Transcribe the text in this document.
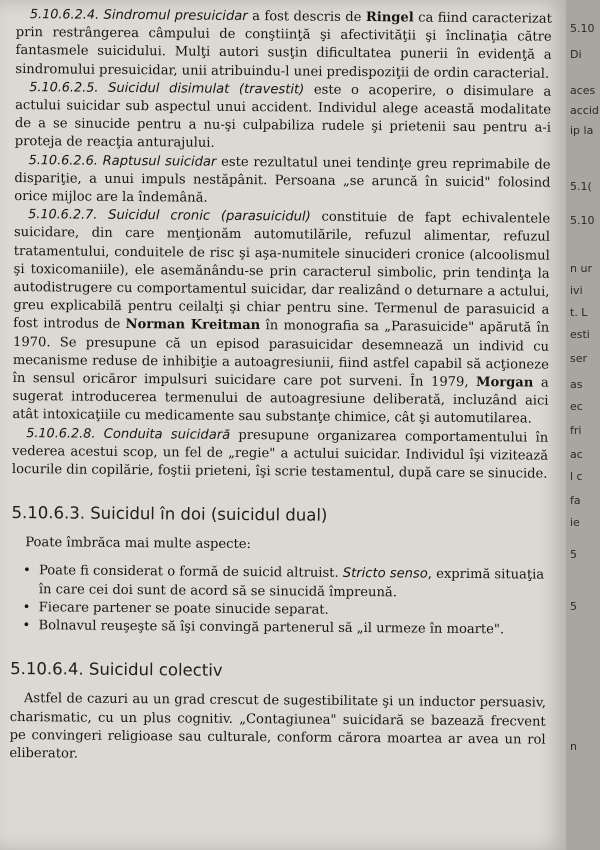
5.10.6.2.4. Sindromul presuicidar a fost descris de Ringel ca fiind caracterizat prin restrângerea câmpului de conştiinţă şi afectivităţii şi înclinaţia către fantasmele suicidului. Mulţi autori susţin dificultatea punerii în evidenţă a sindromului presuicidar, unii atribuindu-l unei predispoziţii de ordin caracterial.

5.10.6.2.5. Suicidul disimulat (travestit) este o acoperire, o disimulare a actului suicidar sub aspectul unui accident. Individul alege această modalitate de a se sinucide pentru a nu-şi culpabiliza rudele şi prietenii sau pentru a-i proteja de reacţia anturajului.

5.10.6.2.6. Raptusul suicidar este rezultatul unei tendinţe greu reprimabile de dispariţie, a unui impuls nestăpânit. Persoana „se aruncă în suicid" folosind orice mijloc are la îndemână.

5.10.6.2.7. Suicidul cronic (parasuicidul) constituie de fapt echivalentele suicidare, din care menţionăm automutilările, refuzul alimentar, refuzul tratamentului, conduitele de risc şi aşa-numitele sinucideri cronice (alcoolismul şi toxicomaniile), ele asemănându-se prin caracterul simbolic, prin tendinţa la autodistrugere cu comportamentul suicidar, dar realizând o deturnare a actului, greu explicabilă pentru ceilalţi şi chiar pentru sine. Termenul de parasuicid a fost introdus de Norman Kreitman în monografia sa „Parasuicide" apărută în 1970. Se presupune că un episod parasuicidar desemnează un individ cu mecanisme reduse de inhibiţie a autoagresiunii, fiind astfel capabil să acţioneze în sensul oricăror impulsuri suicidare care pot surveni. În 1979, Morgan a sugerat introducerea termenului de autoagresiune deliberată, incluzând aici atât intoxicaţiile cu medicamente sau substanţe chimice, cât şi automutilarea.

5.10.6.2.8. Conduita suicidară presupune organizarea comportamentului în vederea acestui scop, un fel de „regie" a actului suicidar. Individul îşi vizitează locurile din copilărie, foştii prieteni, îşi scrie testamentul, după care se sinucide.

5.10.6.3. Suicidul în doi (suicidul dual)

Poate îmbrăca mai multe aspecte:

• Poate fi considerat o formă de suicid altruist. Stricto senso, exprimă situaţia în care cei doi sunt de acord să se sinucidă împreună.
• Fiecare partener se poate sinucide separat.
• Bolnavul reuşeşte să îşi convingă partenerul să „il urmeze în moarte".
5.10.6.4. Suicidul colectiv

Astfel de cazuri au un grad crescut de sugestibilitate şi un inductor persuasiv, charismatic, cu un plus cognitiv. „Contagiunea" suicidară se bazează frecvent pe convingeri religioase sau culturale, conform cărora moartea ar avea un rol eliberator.

5.10
Di
aces
accid
ip la
5.1(
5.10
n ur
ivi
t. L
esti
ser
as
ec
fri
ac
l c
fa
ie
5
5
n
